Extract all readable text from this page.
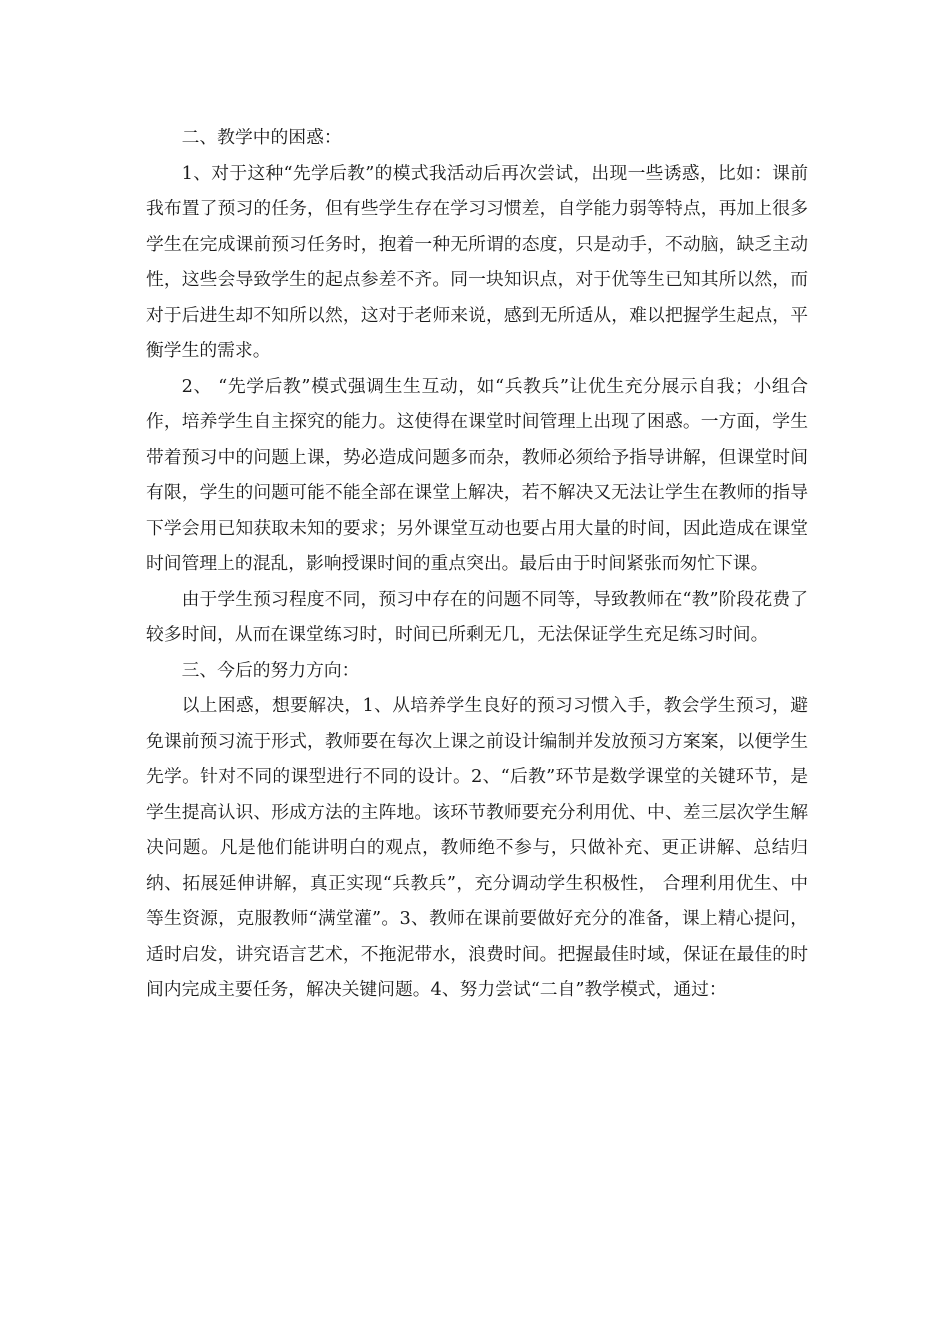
二、教学中的困惑：

1、对于这种“先学后教”的模式我活动后再次尝试，出现一些诱惑，比如：课前我布置了预习的任务，但有些学生存在学习习惯差，自学能力弱等特点，再加上很多学生在完成课前预习任务时，抱着一种无所谓的态度，只是动手，不动脑，缺乏主动性，这些会导致学生的起点参差不齐。同一块知识点，对于优等生已知其所以然，而对于后进生却不知所以然，这对于老师来说，感到无所适从，难以把握学生起点，平衡学生的需求。

2、 “先学后教”模式强调生生互动，如“兵教兵”让优生充分展示自我；小组合作，培养学生自主探究的能力。这使得在课堂时间管理上出现了困惑。一方面，学生带着预习中的问题上课，势必造成问题多而杂，教师必须给予指导讲解，但课堂时间有限，学生的问题可能不能全部在课堂上解决，若不解决又无法让学生在教师的指导下学会用已知获取未知的要求；另外课堂互动也要占用大量的时间，因此造成在课堂时间管理上的混乱，影响授课时间的重点突出。最后由于时间紧张而匆忙下课。

由于学生预习程度不同，预习中存在的问题不同等，导致教师在“教”阶段花费了较多时间，从而在课堂练习时，时间已所剩无几，无法保证学生充足练习时间。

三、今后的努力方向：

以上困惑，想要解决，1、从培养学生良好的预习习惯入手，教会学生预习，避免课前预习流于形式，教师要在每次上课之前设计编制并发放预习方案案，以便学生先学。针对不同的课型进行不同的设计。2、“后教”环节是数学课堂的关键环节，是学生提高认识、形成方法的主阵地。该环节教师要充分利用优、中、差三层次学生解决问题。凡是他们能讲明白的观点，教师绝不参与，只做补充、更正讲解、总结归纳、拓展延伸讲解，真正实现“兵教兵”，充分调动学生积极性， 合理利用优生、中等生资源，克服教师“满堂灌”。3、教师在课前要做好充分的准备，课上精心提问，适时启发，讲究语言艺术，不拖泥带水，浪费时间。把握最佳时域，保证在最佳的时间内完成主要任务，解决关键问题。4、努力尝试“二自”教学模式，通过：
